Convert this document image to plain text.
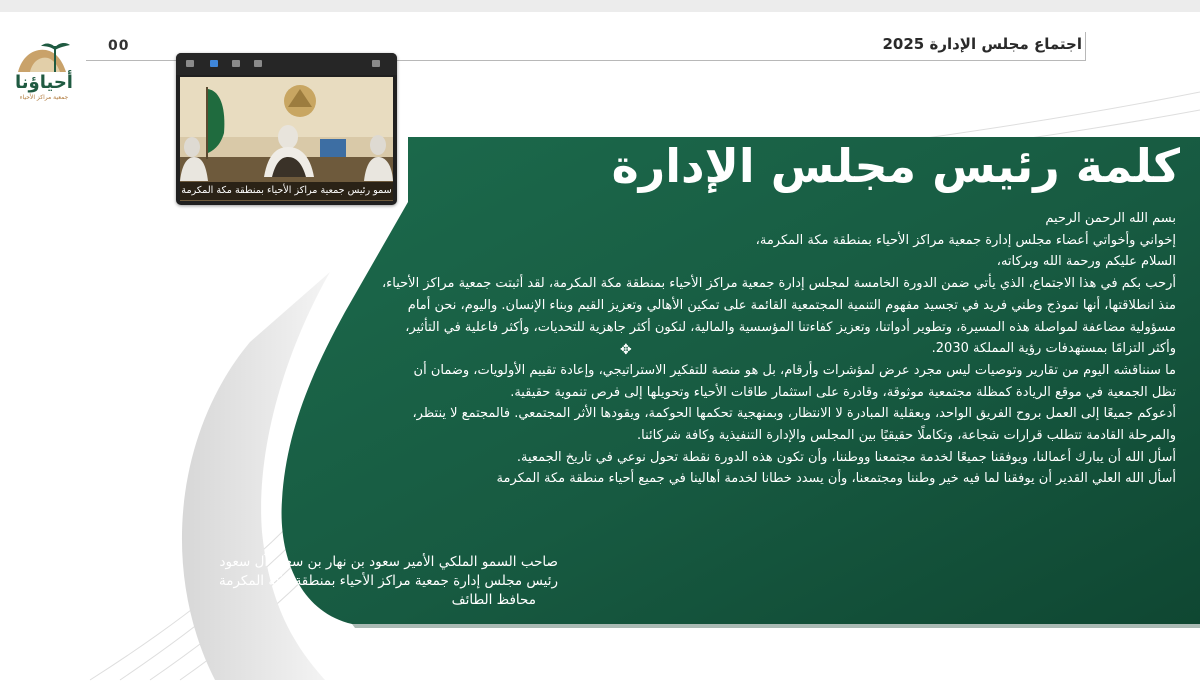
أحياؤنا
جمعية مراكز الأحياء
00	اجتماع مجلس الإدارة 2025
كلمة رئيس مجلس الإدارة
بسم الله الرحمن الرحيم
إخواني وأخواتي أعضاء مجلس إدارة جمعية مراكز الأحياء بمنطقة مكة المكرمة،
السلام عليكم ورحمة الله وبركاته،
أرحب بكم في هذا الاجتماع، الذي يأتي ضمن الدورة الخامسة لمجلس إدارة جمعية مراكز الأحياء بمنطقة مكة المكرمة، لقد أثبتت جمعية مراكز الأحياء،
منذ انطلاقتها، أنها نموذج وطني فريد في تجسيد مفهوم التنمية المجتمعية القائمة على تمكين الأهالي وتعزيز القيم وبناء الإنسان. واليوم، نحن أمام
مسؤولية مضاعفة لمواصلة هذه المسيرة، وتطوير أدواتنا، وتعزيز كفاءتنا المؤسسية والمالية، لنكون أكثر جاهزية للتحديات، وأكثر فاعلية في التأثير،
وأكثر التزامًا بمستهدفات رؤية المملكة 2030.
ما سنناقشه اليوم من تقارير وتوصيات ليس مجرد عرض لمؤشرات وأرقام، بل هو منصة للتفكير الاستراتيجي، وإعادة تقييم الأولويات، وضمان أن
تظل الجمعية في موقع الريادة كمظلة مجتمعية موثوقة، وقادرة على استثمار طاقات الأحياء وتحويلها إلى فرص تنموية حقيقية.
أدعوكم جميعًا إلى العمل بروح الفريق الواحد، وبعقلية المبادرة لا الانتظار، وبمنهجية تحكمها الحوكمة، ويقودها الأثر المجتمعي. فالمجتمع لا ينتظر،
والمرحلة القادمة تتطلب قرارات شجاعة، وتكاملًا حقيقيًا بين المجلس والإدارة التنفيذية وكافة شركائنا.
أسأل الله أن يبارك أعمالنا، ويوفقنا جميعًا لخدمة مجتمعنا ووطننا، وأن تكون هذه الدورة نقطة تحول نوعي في تاريخ الجمعية.
أسأل الله العلي القدير أن يوفقنا لما فيه خير وطننا ومجتمعنا، وأن يسدد خطانا لخدمة أهالينا في جميع أحياء منطقة مكة المكرمة
صاحب السمو الملكي الأمير سعود بن نهار بن سعود آل سعود
رئيس مجلس إدارة جمعية مراكز الأحياء بمنطقة مكة المكرمة
محافظ الطائف
✥
سمو رئيس جمعية مراكز الأحياء بمنطقة مكة المكرمة
